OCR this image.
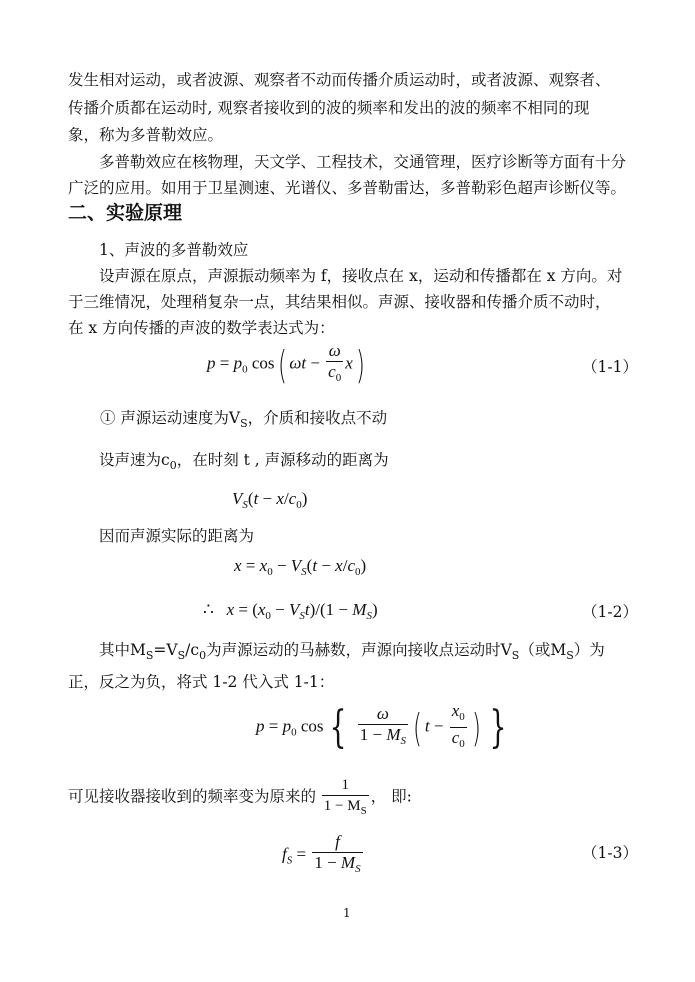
发生相对运动，或者波源、观察者不动而传播介质运动时，或者波源、观察者、
传播介质都在运动时, 观察者接收到的波的频率和发出的波的频率不相同的现
象，称为多普勒效应。
多普勒效应在核物理，天文学、工程技术，交通管理，医疗诊断等方面有十分
广泛的应用。如用于卫星测速、光谱仪、多普勒雷达，多普勒彩色超声诊断仪等。
二、实验原理
1、声波的多普勒效应
设声源在原点，声源振动频率为 f，接收点在 x，运动和传播都在 x 方向。对
于三维情况，处理稍复杂一点，其结果相似。声源、接收器和传播介质不动时，
在 x 方向传播的声波的数学表达式为：
$p = p_0$ cos( $\omega t - \frac{\omega}{c_0} x$)	（1-1）
① 声源运动速度为$V_S$，介质和接收点不动
设声速为$c_0$，在时刻 t , 声源移动的距离为
$V_S(t - x/c_0)$
因而声源实际的距离为
$x = x_0 - V_S(t - x/c_0)$
∴ $x = (x_0 - V_St)/(1 - M_S)$	（1-2）
其中$M_S=V_S/c_0$为声源运动的马赫数，声源向接收点运动时$V_S$（或$M_S$）为
正，反之为负，将式 1-2 代入式 1-1：
$p = p_0$ cos { $\frac{\omega}{1 - M_S}$ ( $t - \frac{x_0}{c_0}$ ) }
可见接收器接收到的频率变为原来的 $\frac{1}{1 - M_S}$ ， 即:
$f_S = \frac{f}{1 - M_S}$	（1-3）
1
